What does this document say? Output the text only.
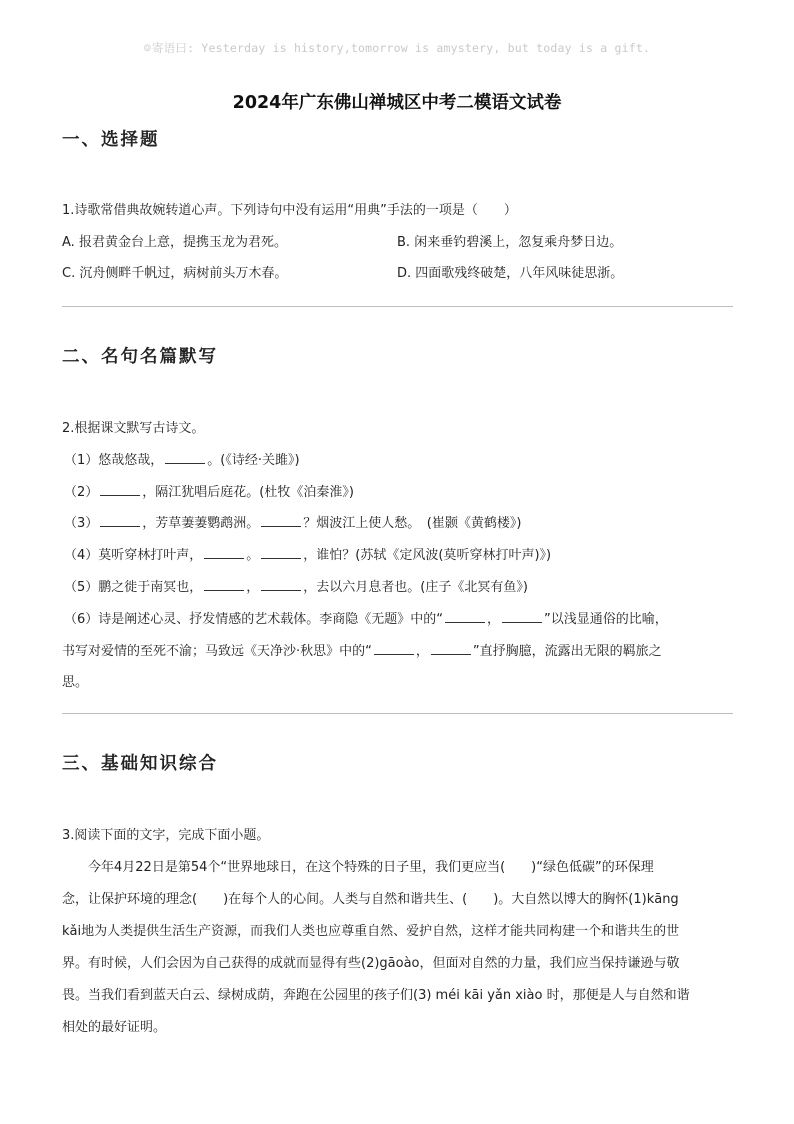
☺寄语曰: Yesterday is history,tomorrow is amystery, but today is a gift.
2024年广东佛山禅城区中考二模语文试卷
一、选择题
1.诗歌常借典故婉转道心声。下列诗句中没有运用“用典”手法的一项是（　　）
A. 报君黄金台上意，提携玉龙为君死。	B. 闲来垂钓碧溪上，忽复乘舟梦日边。
C. 沉舟侧畔千帆过，病树前头万木春。	D. 四面歌残终破楚，八年风味徒思浙。
二、名句名篇默写
2.根据课文默写古诗文。
（1）悠哉悠哉，	。(《诗经·关雎》)
（2）	，隔江犹唱后庭花。(杜牧《泊秦淮》)
（3）	，芳草萋萋鹦鹉洲。	？烟波江上使人愁。　(崔颢《黄鹤楼》)
（4）莫听穿林打叶声，	。	，谁怕？(苏轼《定风波(莫听穿林打叶声)》)
（5）鹏之徙于南冥也，	，	，去以六月息者也。(庄子《北冥有鱼》)
（6）诗是阐述心灵、抒发情感的艺术载体。李商隐《无题》中的“	，	”以浅显通俗的比喻，
书写对爱情的至死不渝；马致远《天净沙·秋思》中的“	，	”直抒胸臆，流露出无限的羁旅之
思。
三、基础知识综合
3.阅读下面的文字，完成下面小题。
　　今年4月22日是第54个“世界地球日，在这个特殊的日子里，我们更应当(　　)“绿色低碳”的环保理
念，让保护环境的理念(　　)在每个人的心间。人类与自然和谐共生、(　　)。大自然以博大的胸怀(1)kāng
kǎi地为人类提供生活生产资源，而我们人类也应尊重自然、爱护自然，这样才能共同构建一个和谐共生的世
界。有时候，人们会因为自己获得的成就而显得有些(2)gāoào，但面对自然的力量，我们应当保持谦逊与敬
畏。当我们看到蓝天白云、绿树成荫，奔跑在公园里的孩子们(3) méi kāi yǎn xiào 时，那便是人与自然和谐
相处的最好证明。
